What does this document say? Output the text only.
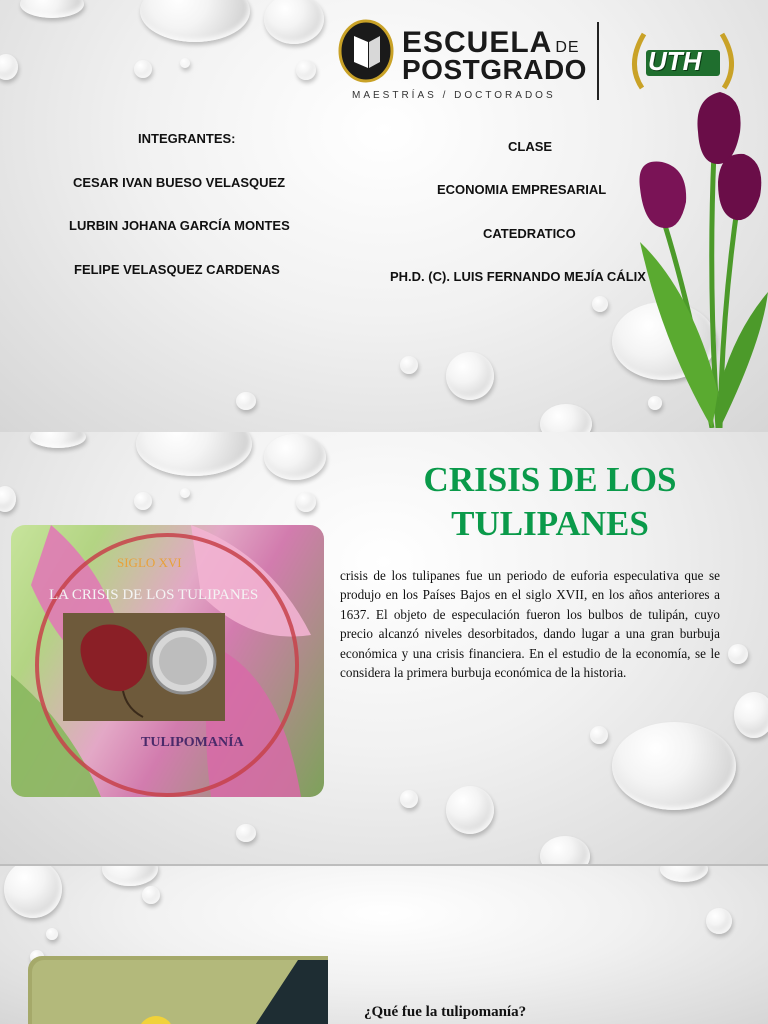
ESCUELA DE
POSTGRADO
MAESTRÍAS / DOCTORADOS
UTH
INTEGRANTES:
CESAR IVAN BUESO VELASQUEZ
LURBIN JOHANA GARCÍA MONTES
FELIPE VELASQUEZ CARDENAS
CLASE
ECONOMIA EMPRESARIAL
CATEDRATICO
PH.D. (C). LUIS FERNANDO MEJÍA CÁLIX
CRISIS DE LOS
TULIPANES
crisis de los tulipanes fue un periodo de euforia especulativa que se produjo en los Países Bajos en el siglo XVII, en los años anteriores a 1637. El objeto de especulación fueron los bulbos de tulipán, cuyo precio alcanzó niveles desorbitados, dando lugar a una gran burbuja económica y una crisis financiera. En el estudio de la economía, se le considera la primera burbuja económica de la historia.
SIGLO XVI
LA CRISIS DE LOS TULIPANES
TULIPOMANÍA
¿Qué fue la tulipomanía?
